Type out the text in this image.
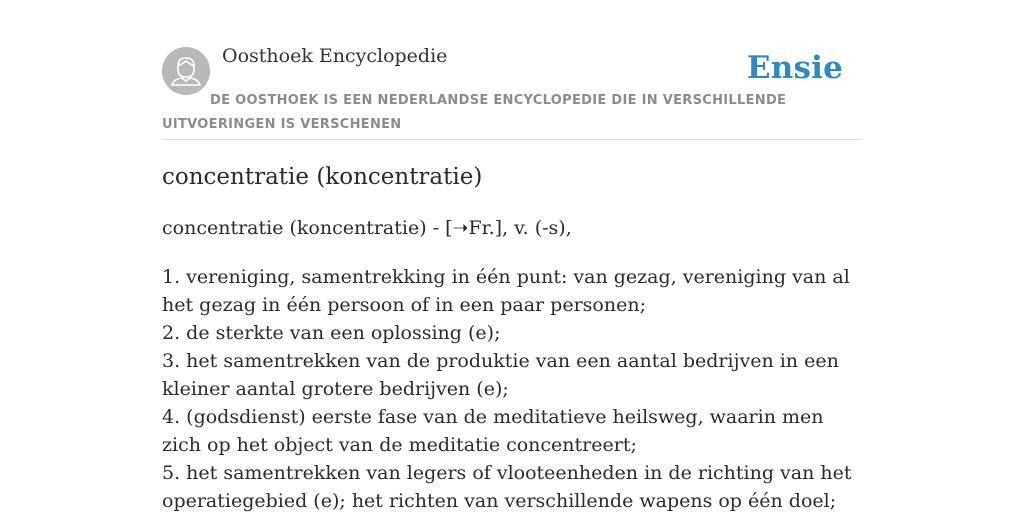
Oosthoek Encyclopedie	Ensie
DE OOSTHOEK IS EEN NEDERLANDSE ENCYCLOPEDIE DIE IN VERSCHILLENDE UITVOERINGEN IS VERSCHENEN
concentratie (koncentratie)
concentratie (koncentratie) - [➝Fr.], v. (-s),
1. vereniging, samentrekking in één punt: van gezag, vereniging van al het gezag in één persoon of in een paar personen;
2. de sterkte van een oplossing (e);
3. het samentrekken van de produktie van een aantal bedrijven in een kleiner aantal grotere bedrijven (e);
4. (godsdienst) eerste fase van de meditatieve heilsweg, waarin men zich op het object van de meditatie concentreert;
5. het samentrekken van legers of vlooteenheden in de richting van het operatiegebied (e); het richten van verschillende wapens op één doel;
